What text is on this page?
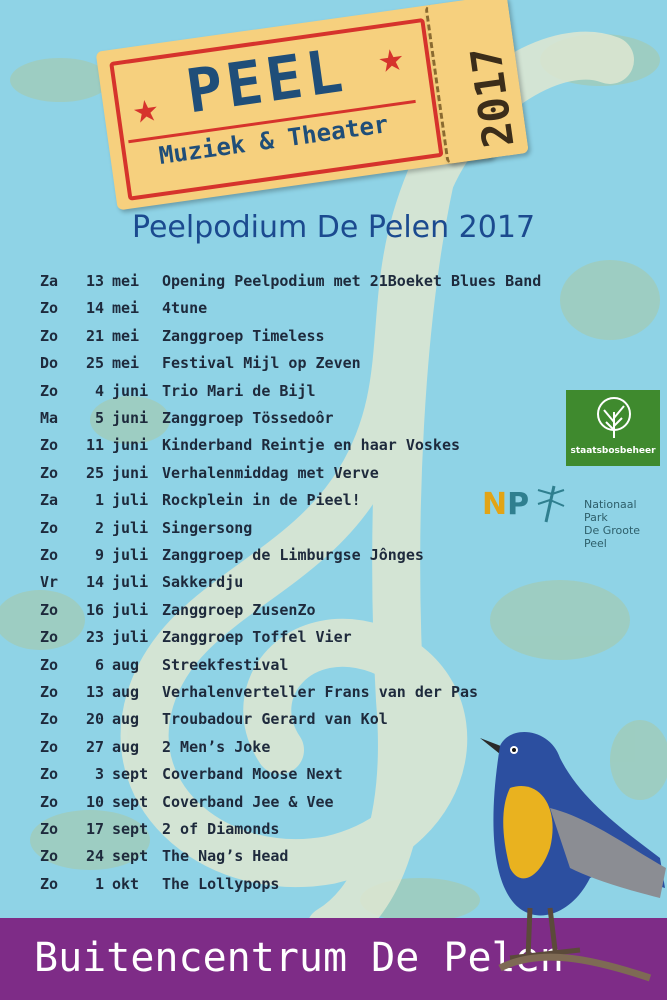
★
★
PEEL
Muziek & Theater	2017
Peelpodium De Pelen 2017
Za	13 mei Opening Peelpodium met 21Boeket Blues Band
Zo	14 mei 4tune
Zo	21 mei Zanggroep Timeless
Do	25 mei Festival Mijl op Zeven
Zo	4 juni Trio Mari de Bijl
Ma	5 juni Zanggroep Tössedoôr
Zo	11 juni Kinderband Reintje en haar Voskes
Zo	25 juni Verhalenmiddag met Verve
Za	1 juli Rockplein in de Pieel!
Zo	2 juli Singersong
Zo	9 juli Zanggroep de Limburgse Jônges
Vr	14 juli Sakkerdju
Zo	16 juli Zanggroep ZusenZo
Zo	23 juli Zanggroep Toffel Vier
Zo	6 aug Streekfestival
Zo	13 aug Verhalenverteller Frans van der Pas
Zo	20 aug Troubadour Gerard van Kol
Zo	27 aug 2 Men’s Joke
Zo	3 sept Coverband Moose Next
Zo	10 sept Coverband Jee & Vee
Zo	17 sept 2 of Diamonds
Zo	24 sept The Nag’s Head
Zo	1 okt The Lollypops
staatsbosbeheer
NP	Nationaal Park
De Groote Peel
Buitencentrum De Pelen
